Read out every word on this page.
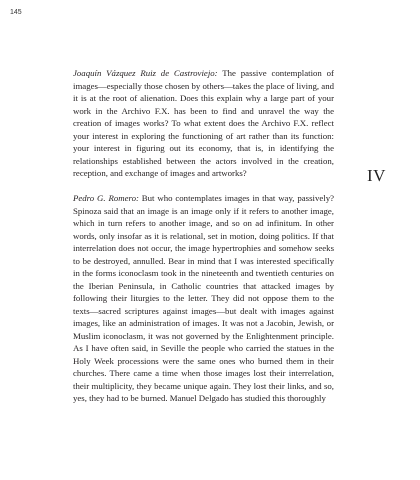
145
IV

Joaquín Vázquez Ruiz de Castroviejo: The passive contemplation of images—especially those chosen by others—takes the place of living, and it is at the root of alienation. Does this explain why a large part of your work in the Archivo F.X. has been to find and unravel the way the creation of images works? To what extent does the Archivo F.X. reflect your interest in exploring the functioning of art rather than its function: your interest in figuring out its economy, that is, in identifying the relationships established between the actors involved in the creation, reception, and exchange of images and artworks?

Pedro G. Romero: But who contemplates images in that way, passively? Spinoza said that an image is an image only if it refers to another image, which in turn refers to another image, and so on ad infinitum. In other words, only insofar as it is relational, set in motion, doing politics. If that interrelation does not occur, the image hypertrophies and somehow seeks to be destroyed, annulled. Bear in mind that I was interested specifically in the forms iconoclasm took in the nineteenth and twentieth centuries on the Iberian Peninsula, in Catholic countries that attacked images by following their liturgies to the letter. They did not oppose them to the texts—sacred scriptures against images—but dealt with images against images, like an administration of images. It was not a Jacobin, Jewish, or Muslim iconoclasm, it was not governed by the Enlightenment principle. As I have often said, in Seville the people who carried the statues in the Holy Week processions were the same ones who burned them in their churches. There came a time when those images lost their interrelation, their multiplicity, they became unique again. They lost their links, and so, yes, they had to be burned. Manuel Delgado has studied this thoroughly
